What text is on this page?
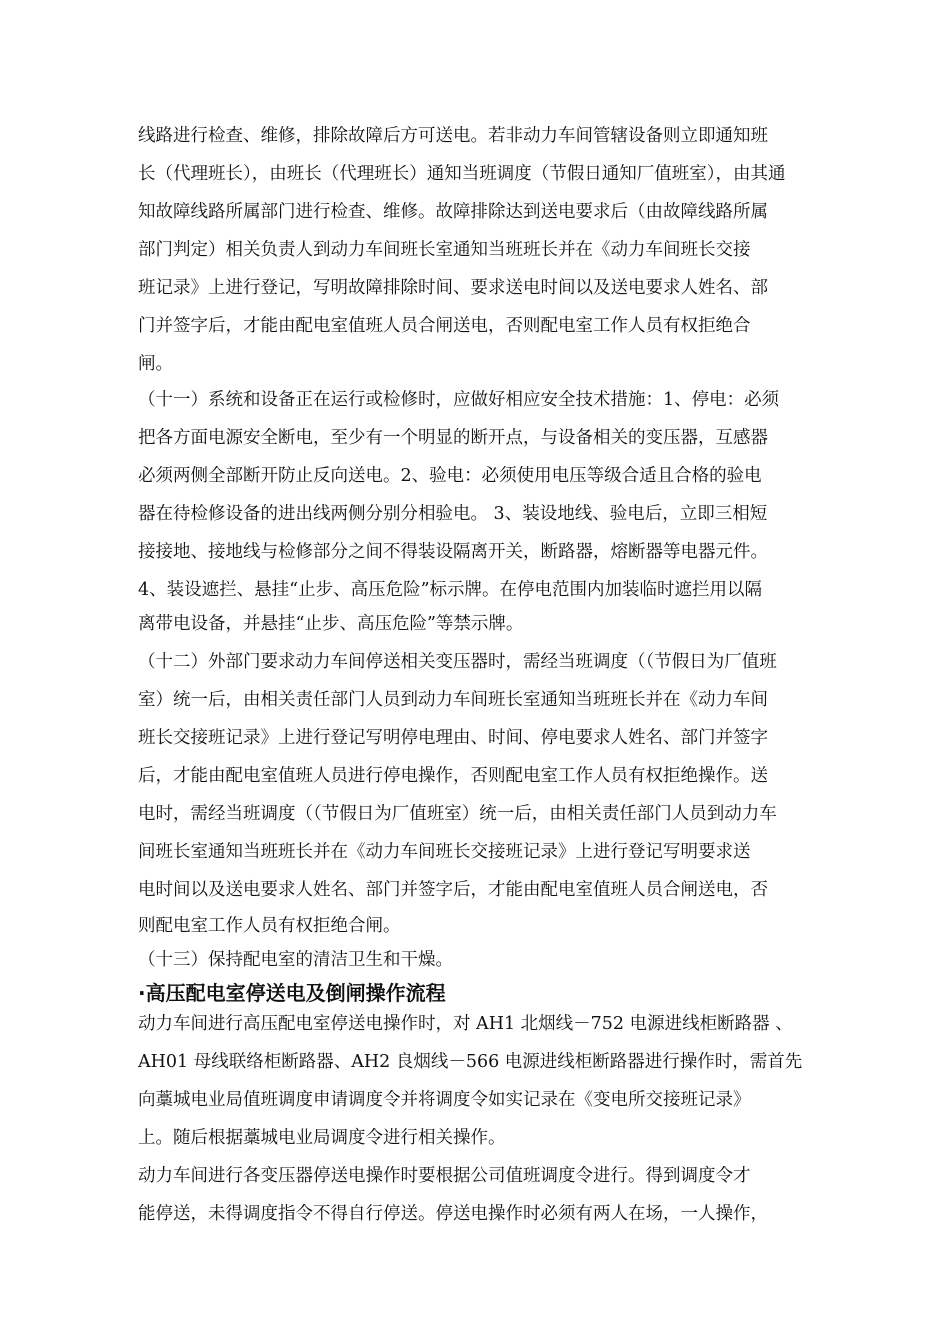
线路进行检查、维修，排除故障后方可送电。若非动力车间管辖设备则立即通知班
长（代理班长），由班长（代理班长）通知当班调度（节假日通知厂值班室），由其通
知故障线路所属部门进行检查、维修。故障排除达到送电要求后（由故障线路所属
部门判定）相关负责人到动力车间班长室通知当班班长并在《动力车间班长交接
班记录》上进行登记，写明故障排除时间、要求送电时间以及送电要求人姓名、部
门并签字后，才能由配电室值班人员合闸送电，否则配电室工作人员有权拒绝合
闸。
（十一）系统和设备正在运行或检修时，应做好相应安全技术措施：1、停电：必须
把各方面电源安全断电，至少有一个明显的断开点，与设备相关的变压器，互感器
必须两侧全部断开防止反向送电。2、验电：必须使用电压等级合适且合格的验电
器在待检修设备的进出线两侧分别分相验电。 3、装设地线、验电后，立即三相短
接接地、接地线与检修部分之间不得装设隔离开关，断路器，熔断器等电器元件。
4、装设遮拦、悬挂“止步、高压危险”标示牌。在停电范围内加装临时遮拦用以隔
离带电设备，并悬挂“止步、高压危险”等禁示牌。
（十二）外部门要求动力车间停送相关变压器时，需经当班调度（（节假日为厂值班
室）统一后，由相关责任部门人员到动力车间班长室通知当班班长并在《动力车间
班长交接班记录》上进行登记写明停电理由、时间、停电要求人姓名、部门并签字
后，才能由配电室值班人员进行停电操作，否则配电室工作人员有权拒绝操作。送
电时，需经当班调度（（节假日为厂值班室）统一后，由相关责任部门人员到动力车
间班长室通知当班班长并在《动力车间班长交接班记录》上进行登记写明要求送
电时间以及送电要求人姓名、部门并签字后，才能由配电室值班人员合闸送电，否
则配电室工作人员有权拒绝合闸。
（十三）保持配电室的清洁卫生和干燥。
·高压配电室停送电及倒闸操作流程
动力车间进行高压配电室停送电操作时，对 AH1 北烟线－752 电源进线柜断路器 、
AH01 母线联络柜断路器、AH2 良烟线－566 电源进线柜断路器进行操作时，需首先
向藁城电业局值班调度申请调度令并将调度令如实记录在《变电所交接班记录》
上。随后根据藁城电业局调度令进行相关操作。
动力车间进行各变压器停送电操作时要根据公司值班调度令进行。得到调度令才
能停送，未得调度指令不得自行停送。停送电操作时必须有两人在场，一人操作，
